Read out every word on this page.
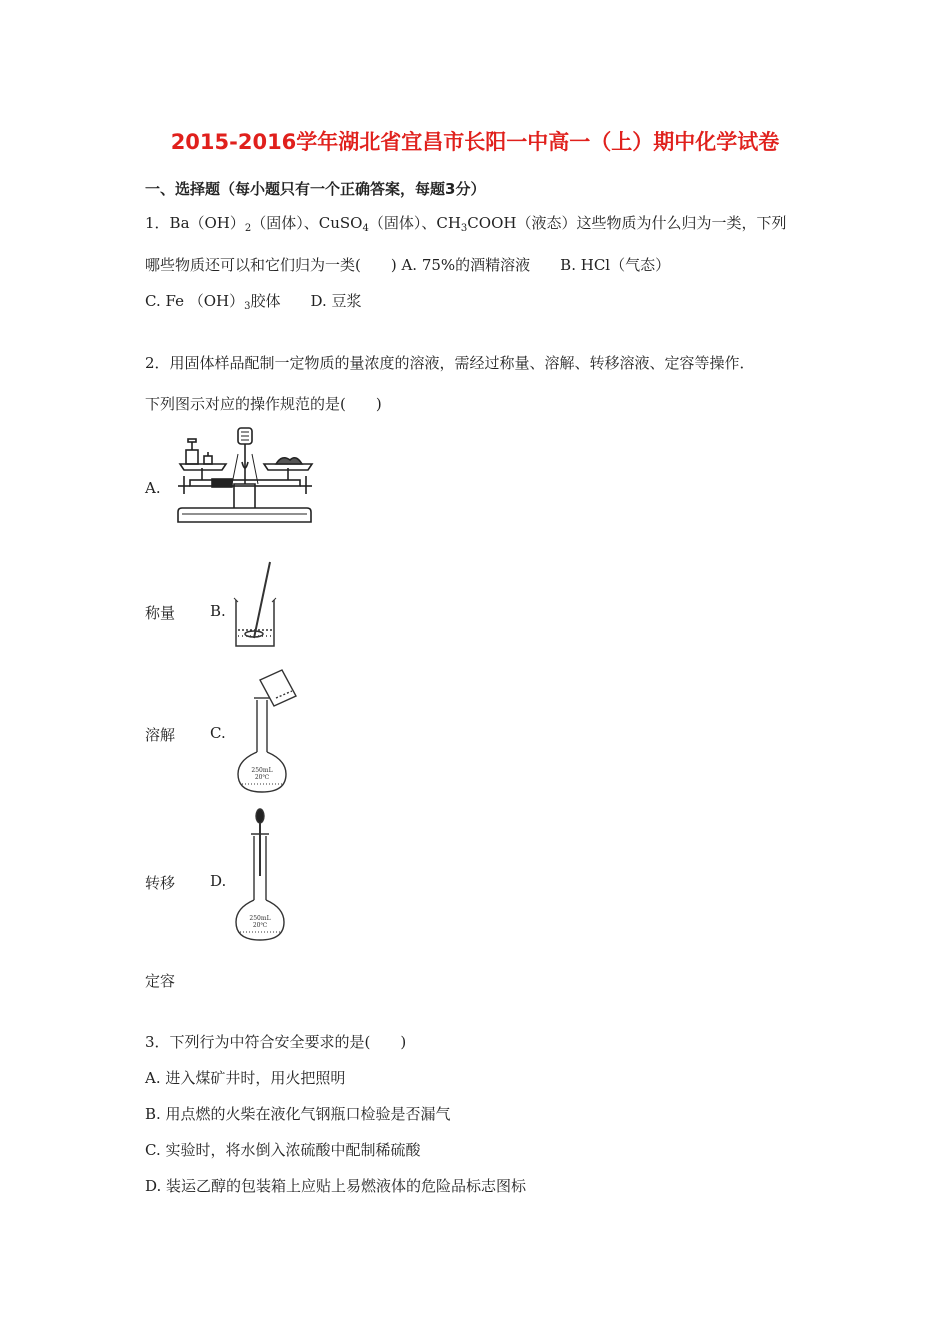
2015-2016学年湖北省宜昌市长阳一中高一（上）期中化学试卷
一、选择题（每小题只有一个正确答案，每题3分）
1．$Ba(OH)_2$（固体）、CuSO$_4$（固体）、$CH_3COOH$（液态）这些物质为什么归为一类，下列
哪些物质还可以和它们归为一类(　　) A. 75%的酒精溶液　　B. HCl（气态）
C. Fe $(OH)_3$胶体　　D. 豆浆
2．用固体样品配制一定物质的量浓度的溶液，需经过称量、溶解、转移溶液、定容等操作．
下列图示对应的操作规范的是(　　)
A.
称量 B.
溶解 C.
250mL
20℃
转移 D.
250mL
20℃
定容
3．下列行为中符合安全要求的是(　　)
A. 进入煤矿井时，用火把照明
B. 用点燃的火柴在液化气钢瓶口检验是否漏气
C. 实验时，将水倒入浓硫酸中配制稀硫酸
D. 装运乙醇的包装箱上应贴上易燃液体的危险品标志图标
